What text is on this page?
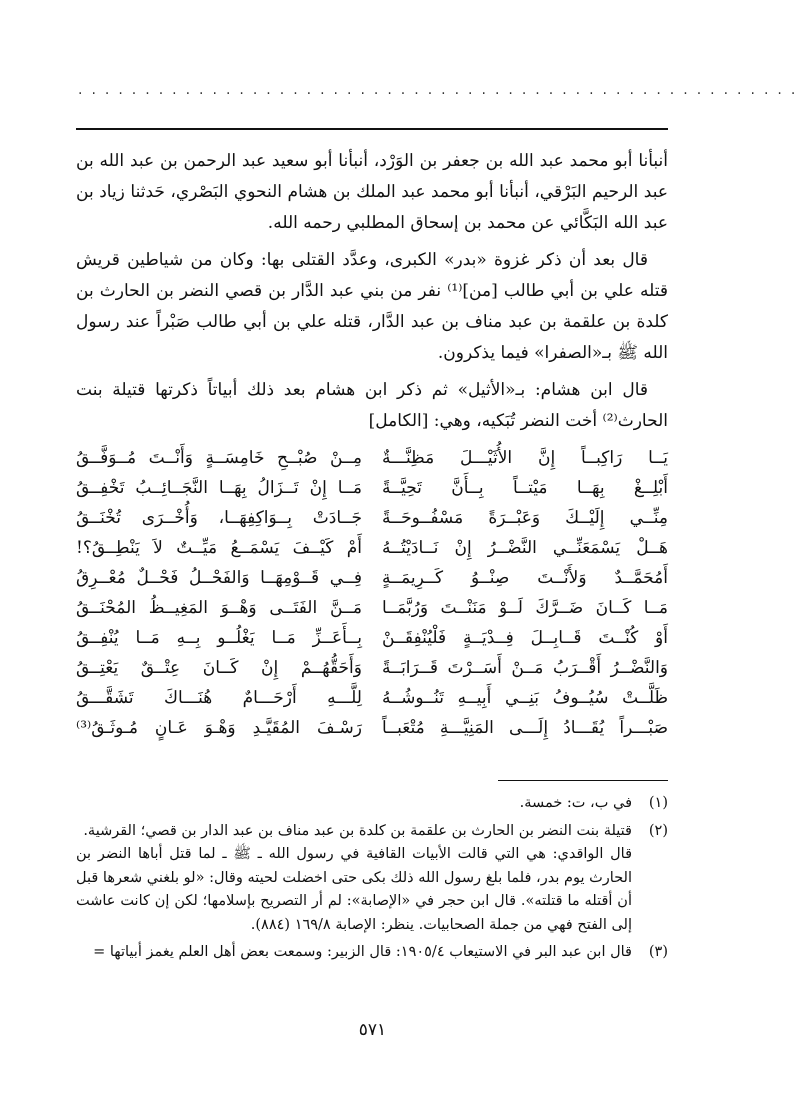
......................................................

أنبأنا أبو محمد عبد الله بن جعفر بن الوَرْد، أنبأنا أبو سعيد عبد الرحمن بن عبد الله بن عبد الرحيم البَرْقي، أنبأنا أبو محمد عبد الملك بن هشام النحوي البَصْري، حَدثنا زياد بن عبد الله البَكَّائي عن محمد بن إسحاق المطلبي رحمه الله.

قال بعد أن ذكر غزوة «بدر» الكبرى، وعدَّد القتلى بها: وكان من شياطين قريش قتله علي بن أبي طالب [من]⁽¹⁾ نفر من بني عبد الدَّار بن قصي النضر بن الحارث بن كلدة بن علقمة بن عبد مناف بن عبد الدَّار، قتله علي بن أبي طالب صَبْراً عند رسول الله ﷺ بـ«الصفرا» فيما يذكرون.

قال ابن هشام: بـ«الأثيل» ثم ذكر ابن هشام بعد ذلك أبياتاً ذكرتها قتيلة بنت الحارث⁽²⁾ أخت النضر تُبَكيه، وهي: [الكامل]

يَــا رَاكِبــاً إِنَّ الأُثَيْـــلَ مَظِنَّـــةٌ
مِــنْ صُبْــحِ خَامِسَــةٍ وَأَنْــتَ مُــوَفَّــقُ
أَبْلِــغْ بِهَــا مَيْتــاً بِــأَنَّ تَحِيَّــةً
مَــا إِنْ تَــزَالُ بِهَــا النَّجَــائِــبُ تَخْفِــقُ
مِنِّــي إِلَيْــكَ وَعَبْــرَةً مَسْفُــوحَــةً
جَــادَتْ بِــوَاكِفِهَــا، وَأُخْــرَى تُخْنَــقُ
هَــلْ يَسْمَعَنِّــي النَّضْــرُ إِنْ نَــادَيْتُــهُ
أَمْ كَيْــفَ يَسْمَــعُ مَيِّــتٌ لاَ يَنْطِــقُ؟!
أَمُحَمَّــدٌ وَلأَنْــتَ صِنْــوُ كَــرِيمَــةٍ
فِــي قَــوْمِهَــا وَالفَحْــلُ فَحْــلٌ مُعْــرِقُ
مَــا كَــانَ ضَــرَّكَ لَــوْ مَنَنْــتَ وَرُبَّمَــا
مَــنَّ الفَتَــى وَهْــوَ المَغِيــظُ المُحْنَــقُ
أَوْ كُنْــتَ قَــابِــلَ فِــدْيَــةٍ فَلْيُنْفِقَــنْ
بِــأَعَــزِّ مَــا يَغْلُــو بِــهِ مَــا يُنْفِــقُ
وَالنَّضْــرُ أَقْــرَبُ مَــنْ أَسَــرْتَ قَــرَابَــةً
وَأَحَقُّهُــمْ إِنْ كَــانَ عِتْــقٌ يَعْتِــقُ
ظَلَّــتْ سُيُــوفُ بَنِــي أَبِيــهِ تَنُــوشُــهُ
لِلَّـــهِ أَرْحَـــامٌ هُنَـــاكَ تَشَقَّـــقُ
صَبْـــراً يُقَـــادُ إِلَـــى المَنِيَّـــةِ مُتْعَبــاً
رَسْـفَ المُقَيَّـدِ وَهْـوَ عَـانٍ مُـوثَـقُ⁽³⁾
(١)
في ب، ت: خمسة.
(٢)
قتيلة بنت النضر بن الحارث بن علقمة بن كلدة بن عبد مناف بن عبد الدار بن قصي؛ القرشية.
قال الواقدي: هي التي قالت الأبيات القافية في رسول الله ـ ﷺ ـ لما قتل أباها النضر بن الحارث يوم بدر، فلما بلغ رسول الله ذلك بكى حتى اخضلت لحيته وقال: «لو بلغني شعرها قبل أن أقتله ما قتلته». قال ابن حجر في «الإصابة»: لم أر التصريح بإسلامها؛ لكن إن كانت عاشت إلى الفتح فهي من جملة الصحابيات. ينظر: الإصابة ١٦٩/٨ (٨٨٤).
(٣)
قال ابن عبد البر في الاستيعاب ١٩٠٥/٤: قال الزبير: وسمعت بعض أهل العلم يغمز أبياتها =
٥٧١
